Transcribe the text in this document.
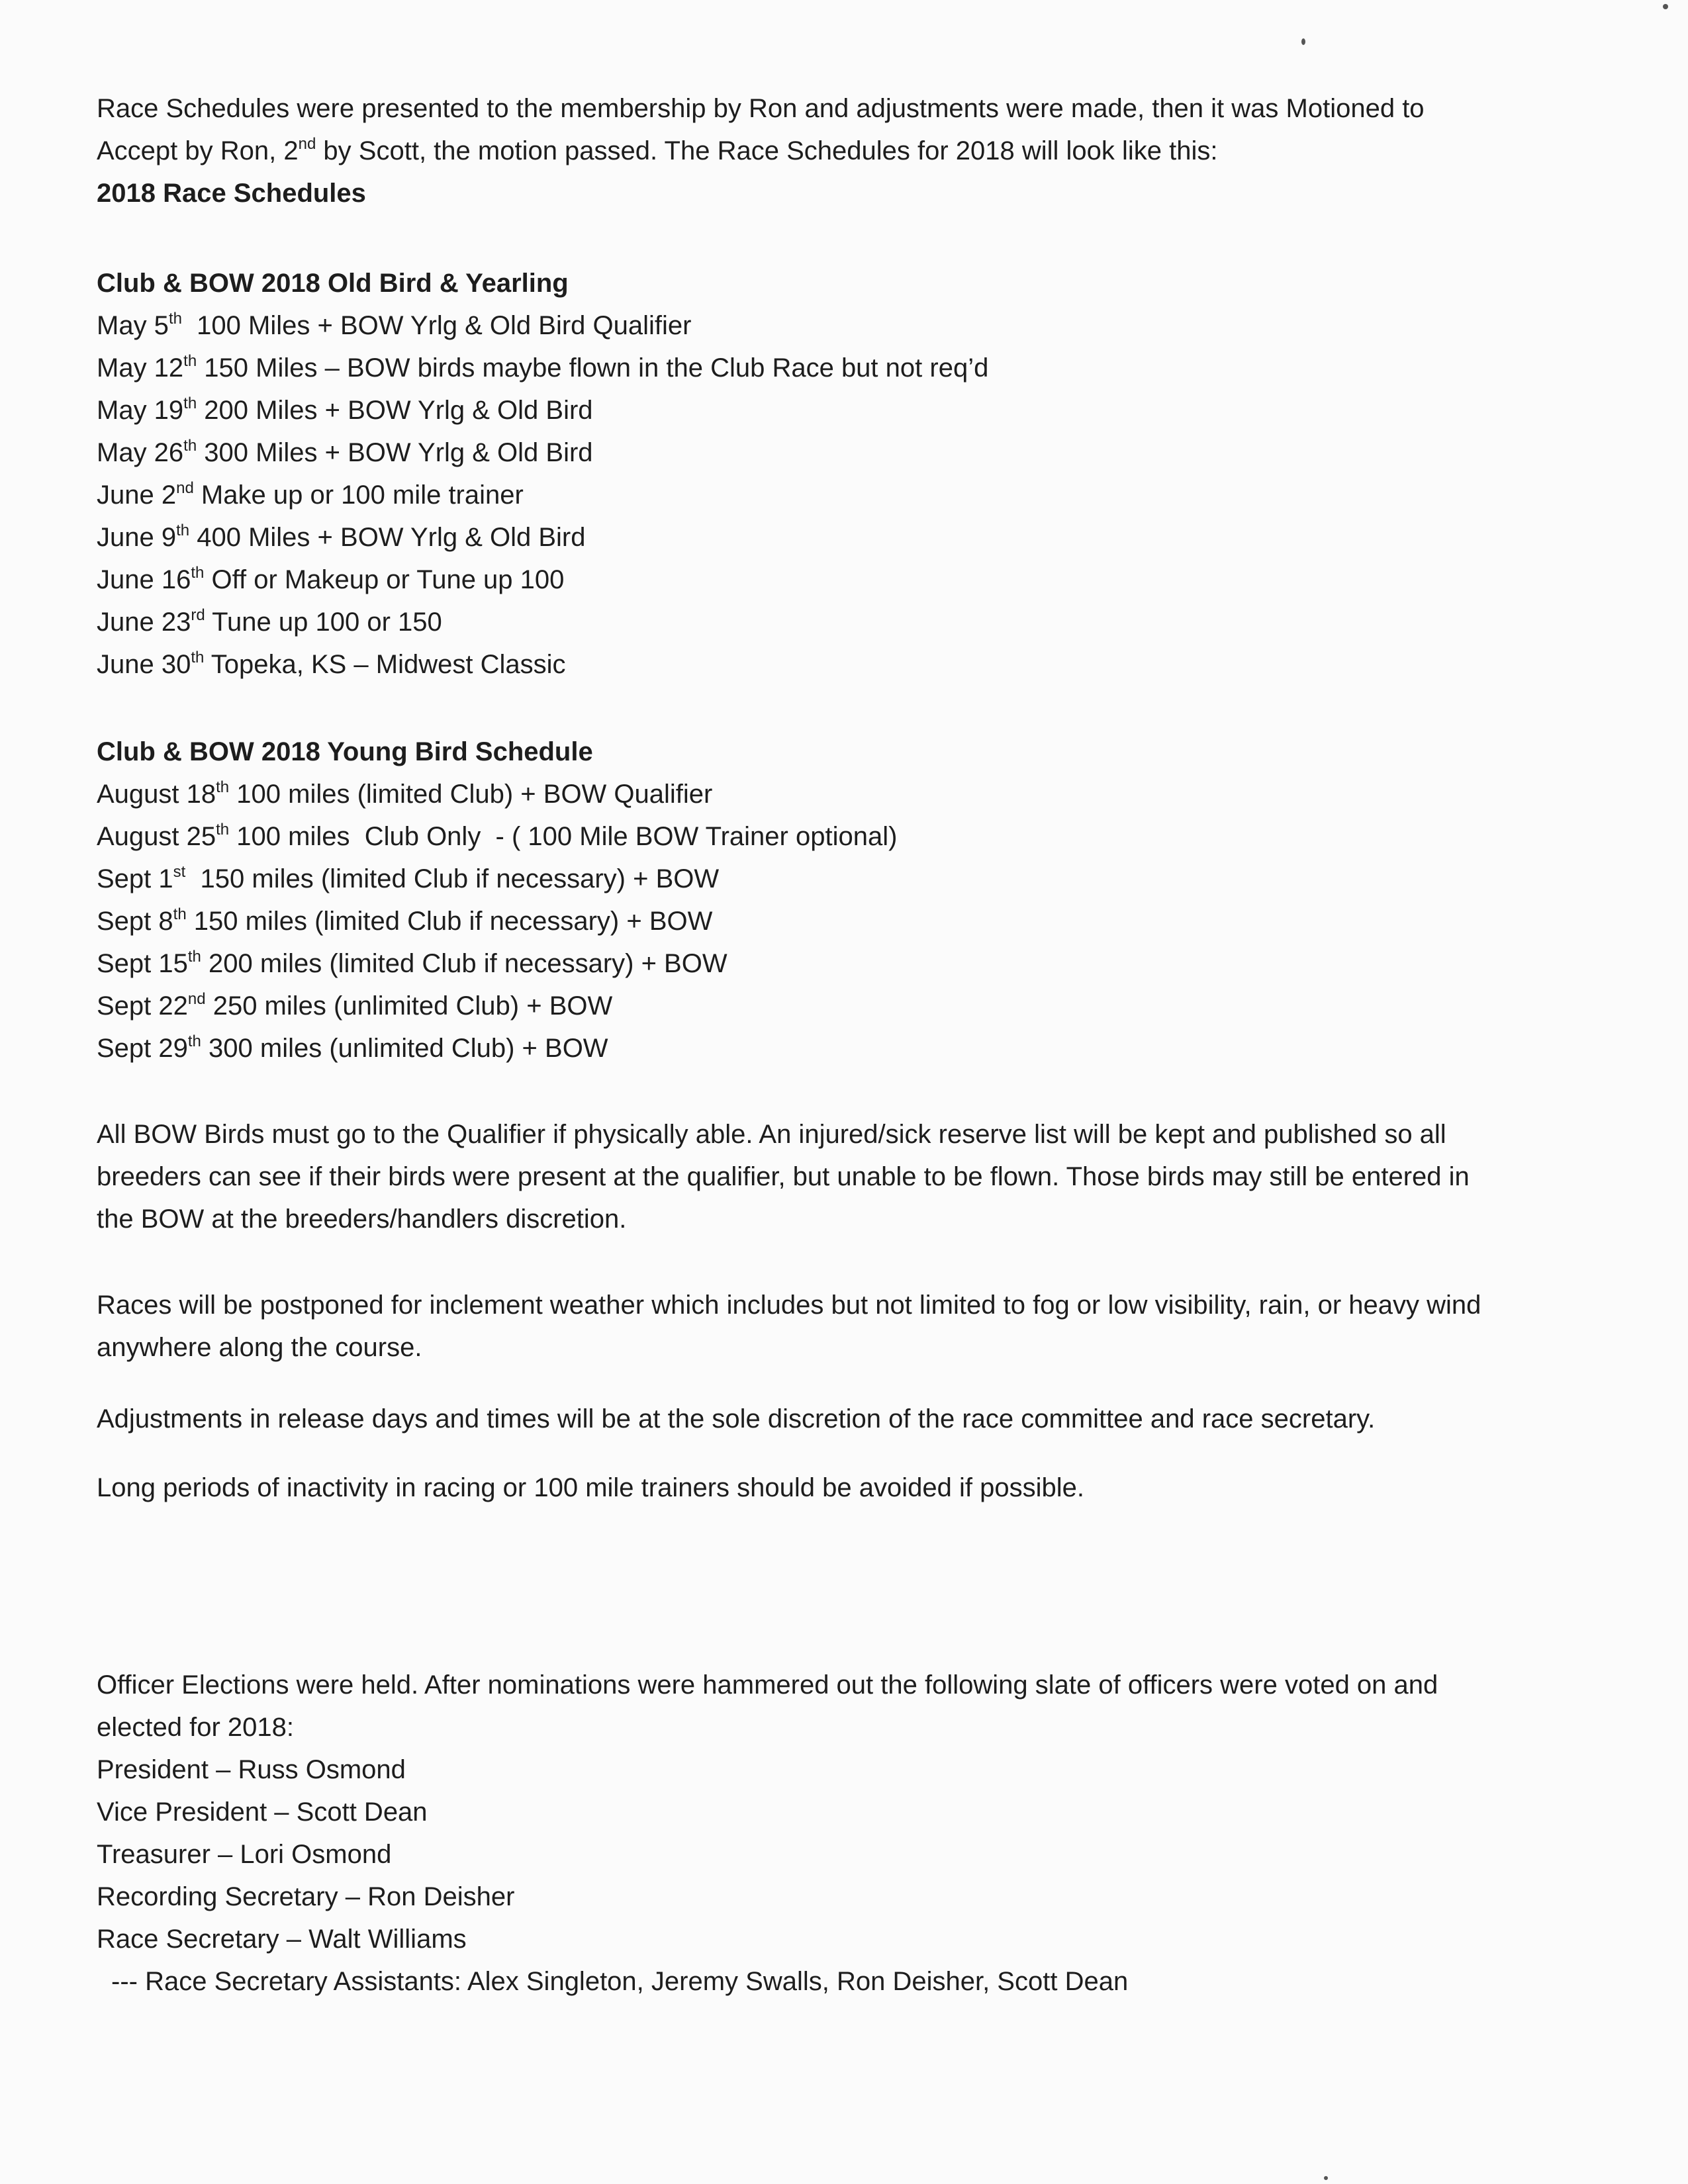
Race Schedules were presented to the membership by Ron and adjustments were made, then it was Motioned to
Accept by Ron, 2nd by Scott, the motion passed. The Race Schedules for 2018 will look like this:
2018 Race Schedules
Club & BOW 2018 Old Bird & Yearling
May 5th  100 Miles + BOW Yrlg & Old Bird Qualifier
May 12th 150 Miles – BOW birds maybe flown in the Club Race but not req’d
May 19th 200 Miles + BOW Yrlg & Old Bird
May 26th 300 Miles + BOW Yrlg & Old Bird
June 2nd Make up or 100 mile trainer
June 9th 400 Miles + BOW Yrlg & Old Bird
June 16th Off or Makeup or Tune up 100
June 23rd Tune up 100 or 150
June 30th Topeka, KS – Midwest Classic
Club & BOW 2018 Young Bird Schedule
August 18th 100 miles (limited Club) + BOW Qualifier
August 25th 100 miles  Club Only  - ( 100 Mile BOW Trainer optional)
Sept 1st  150 miles (limited Club if necessary) + BOW
Sept 8th 150 miles (limited Club if necessary) + BOW
Sept 15th 200 miles (limited Club if necessary) + BOW
Sept 22nd 250 miles (unlimited Club) + BOW
Sept 29th 300 miles (unlimited Club) + BOW
All BOW Birds must go to the Qualifier if physically able. An injured/sick reserve list will be kept and published so all
breeders can see if their birds were present at the qualifier, but unable to be flown. Those birds may still be entered in
the BOW at the breeders/handlers discretion.
Races will be postponed for inclement weather which includes but not limited to fog or low visibility, rain, or heavy wind
anywhere along the course.
Adjustments in release days and times will be at the sole discretion of the race committee and race secretary.
Long periods of inactivity in racing or 100 mile trainers should be avoided if possible.
Officer Elections were held. After nominations were hammered out the following slate of officers were voted on and
elected for 2018:
President – Russ Osmond
Vice President – Scott Dean
Treasurer – Lori Osmond
Recording Secretary – Ron Deisher
Race Secretary – Walt Williams
--- Race Secretary Assistants: Alex Singleton, Jeremy Swalls, Ron Deisher, Scott Dean
